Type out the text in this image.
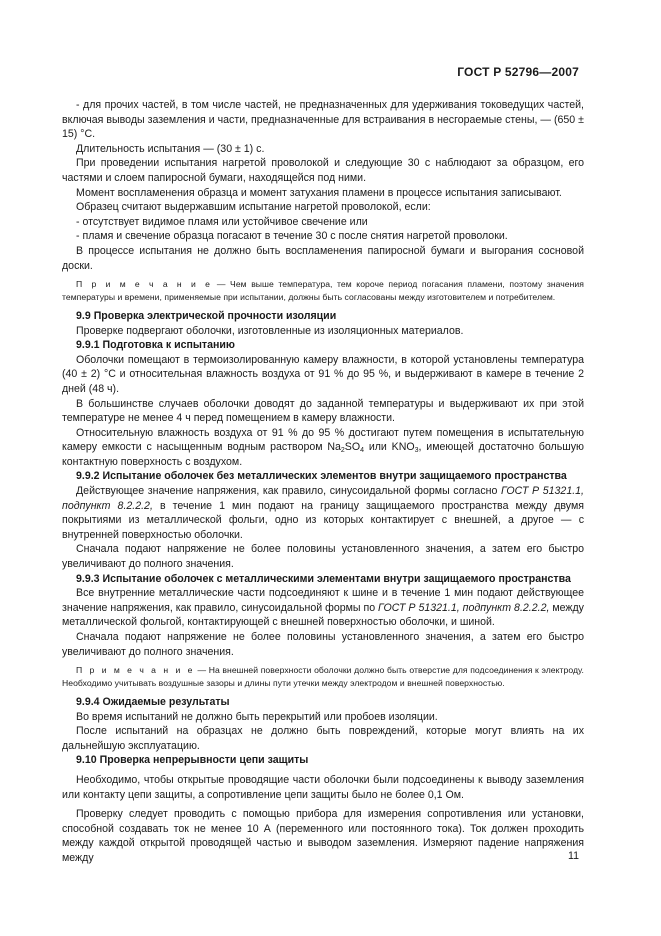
ГОСТ Р 52796—2007

- для прочих частей, в том числе частей, не предназначенных для удерживания токоведущих частей, включая выводы заземления и части, предназначенные для встраивания в несгораемые стены, — (650 ± 15) °С.

Длительность испытания — (30 ± 1) с.

При проведении испытания нагретой проволокой и следующие 30 с наблюдают за образцом, его частями и слоем папиросной бумаги, находящейся под ними.

Момент воспламенения образца и момент затухания пламени в процессе испытания записывают.

Образец считают выдержавшим испытание нагретой проволокой, если:

- отсутствует видимое пламя или устойчивое свечение или

- пламя и свечение образца погасают в течение 30 с после снятия нагретой проволоки.

В процессе испытания не должно быть воспламенения папиросной бумаги и выгорания сосновой доски.

П р и м е ч а н и е — Чем выше температура, тем короче период погасания пламени, поэтому значения температуры и времени, применяемые при испытании, должны быть согласованы между изготовителем и потребителем.

9.9 Проверка электрической прочности изоляции

Проверке подвергают оболочки, изготовленные из изоляционных материалов.

9.9.1 Подготовка к испытанию

Оболочки помещают в термоизолированную камеру влажности, в которой установлены температура (40 ± 2) °С и относительная влажность воздуха от 91 % до 95 %, и выдерживают в камере в течение 2 дней (48 ч).

В большинстве случаев оболочки доводят до заданной температуры и выдерживают их при этой температуре не менее 4 ч перед помещением в камеру влажности.

Относительную влажность воздуха от 91 % до 95 % достигают путем помещения в испытательную камеру емкости с насыщенным водным раствором $Na_2SO_4$ или $KNO_3$, имеющей достаточно большую контактную поверхность с воздухом.

9.9.2 Испытание оболочек без металлических элементов внутри защищаемого пространства

Действующее значение напряжения, как правило, синусоидальной формы согласно ГОСТ Р 51321.1, подпункт 8.2.2.2, в течение 1 мин подают на границу защищаемого пространства между двумя покрытиями из металлической фольги, одно из которых контактирует с внешней, а другое — с внутренней поверхностью оболочки.

Сначала подают напряжение не более половины установленного значения, а затем его быстро увеличивают до полного значения.

9.9.3 Испытание оболочек с металлическими элементами внутри защищаемого пространства

Все внутренние металлические части подсоединяют к шине и в течение 1 мин подают действующее значение напряжения, как правило, синусоидальной формы по ГОСТ Р 51321.1, подпункт 8.2.2.2, между металлической фольгой, контактирующей с внешней поверхностью оболочки, и шиной.

Сначала подают напряжение не более половины установленного значения, а затем его быстро увеличивают до полного значения.

П р и м е ч а н и е — На внешней поверхности оболочки должно быть отверстие для подсоединения к электроду. Необходимо учитывать воздушные зазоры и длины пути утечки между электродом и внешней поверхностью.

9.9.4 Ожидаемые результаты

Во время испытаний не должно быть перекрытий или пробоев изоляции.

После испытаний на образцах не должно быть повреждений, которые могут влиять на их дальнейшую эксплуатацию.

9.10 Проверка непрерывности цепи защиты

Необходимо, чтобы открытые проводящие части оболочки были подсоединены к выводу заземления или контакту цепи защиты, а сопротивление цепи защиты было не более 0,1 Ом.

Проверку следует проводить с помощью прибора для измерения сопротивления или установки, способной создавать ток не менее 10 А (переменного или постоянного тока). Ток должен проходить между каждой открытой проводящей частью и выводом заземления. Измеряют падение напряжения между	11
